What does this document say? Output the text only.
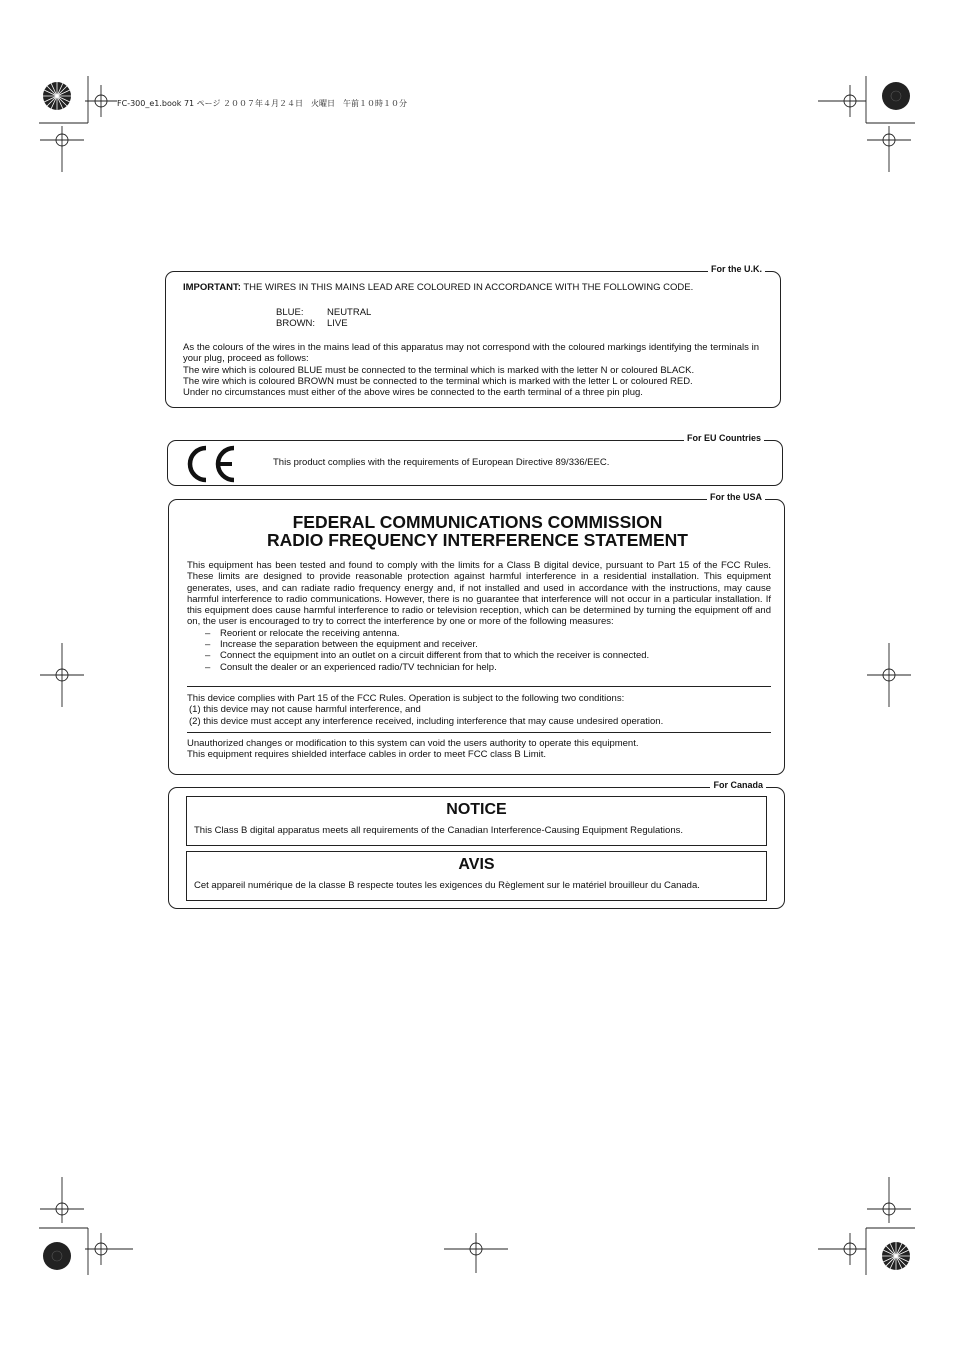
FC-300_e1.book 71 ページ ２００７年４月２４日　火曜日　午前１０時１０分
For the U.K.
IMPORTANT: THE WIRES IN THIS MAINS LEAD ARE COLOURED IN ACCORDANCE WITH THE FOLLOWING CODE.
BLUE: NEUTRAL
BROWN: LIVE
As the colours of the wires in the mains lead of this apparatus may not correspond with the coloured markings identifying the terminals in your plug, proceed as follows:
The wire which is coloured BLUE must be connected to the terminal which is marked with the letter N or coloured BLACK.
The wire which is coloured BROWN must be connected to the terminal which is marked with the letter L or coloured RED.
Under no circumstances must either of the above wires be connected to the earth terminal of a three pin plug.
For EU Countries
This product complies with the requirements of European Directive 89/336/EEC.
For the USA
FEDERAL COMMUNICATIONS COMMISSION
RADIO FREQUENCY INTERFERENCE STATEMENT
This equipment has been tested and found to comply with the limits for a Class B digital device, pursuant to Part 15 of the FCC Rules. These limits are designed to provide reasonable protection against harmful interference in a residential installation. This equipment generates, uses, and can radiate radio frequency energy and, if not installed and used in accordance with the instructions, may cause harmful interference to radio communications. However, there is no guarantee that interference will not occur in a particular installation. If this equipment does cause harmful interference to radio or television reception, which can be determined by turning the equipment off and on, the user is encouraged to try to correct the interference by one or more of the following measures:
– Reorient or relocate the receiving antenna.
– Increase the separation between the equipment and receiver.
– Connect the equipment into an outlet on a circuit different from that to which the receiver is connected.
– Consult the dealer or an experienced radio/TV technician for help.
This device complies with Part 15 of the FCC Rules. Operation is subject to the following two conditions:
(1) this device may not cause harmful interference, and
(2) this device must accept any interference received, including interference that may cause undesired operation.
Unauthorized changes or modification to this system can void the users authority to operate this equipment.
This equipment requires shielded interface cables in order to meet FCC class B Limit.
For Canada
NOTICE
This Class B digital apparatus meets all requirements of the Canadian Interference-Causing Equipment Regulations.
AVIS
Cet appareil numérique de la classe B respecte toutes les exigences du Règlement sur le matériel brouilleur du Canada.
